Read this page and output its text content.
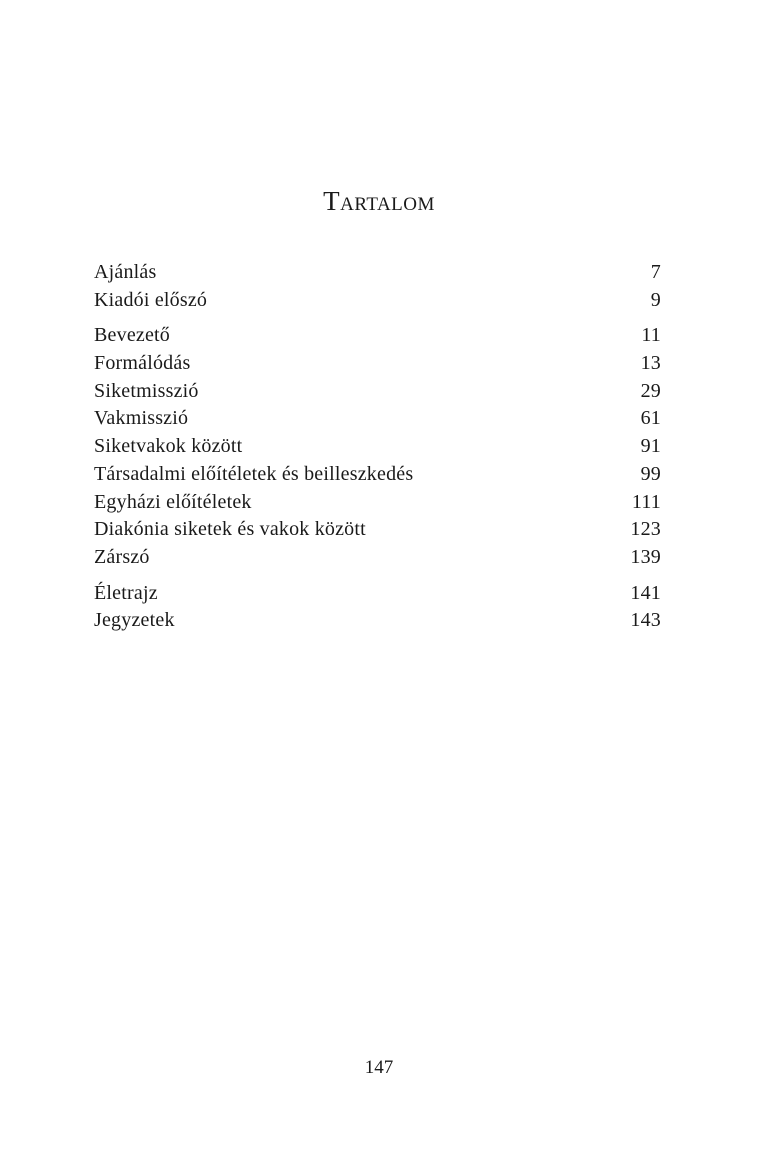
Tartalom
Ajánlás	7
Kiadói előszó	9
Bevezető	11
Formálódás	13
Siketmisszió	29
Vakmisszió	61
Siketvakok között	91
Társadalmi előítéletek és beilleszkedés	99
Egyházi előítéletek	111
Diakónia siketek és vakok között	123
Zárszó	139
Életrajz	141
Jegyzetek	143
147
